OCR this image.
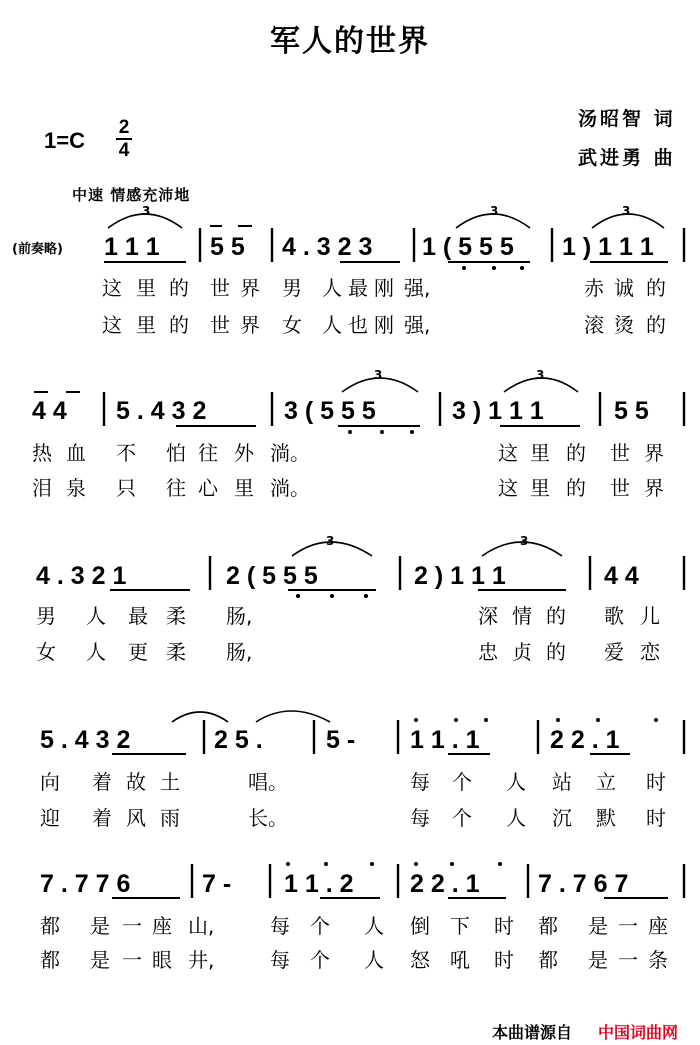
军人的世界
汤昭智 词
武进勇 曲
1=C
2
4
中速 情感充沛地
(前奏略) 1 1 1 5 5 4 . 3 2 3 1 ( 5 5 5 1 ) 1 1 1
3	3	3
这 里 的 世 界 男 人 最 刚 强,	赤 诚 的
这 里 的 世 界 女 人 也 刚 强,	滚 烫 的
4 4 5 . 4 3 2	3 ( 5 5 5	3 ) 1 1 1	5 5
3	3
热 血 不 怕 往 外 淌。	这 里 的 世 界
泪 泉 只 往 心 里 淌。	这 里 的 世 界
4 . 3 2 1	2 ( 5 5 5	2 ) 1 1 1	4 4
3	3
男 人 最 柔 肠,	深 情 的 歌 儿
女 人 更 柔 肠,	忠 贞 的 爱 恋
5 . 4 3 2	2 5 .	5 - 1 1 . 1	2 2 . 1
向 着 故 土	唱。	每 个 人 站 立 时
迎 着 风 雨	长。	每 个 人 沉 默 时
7 . 7 7 6	7 - 1 1 . 2 2 2 . 1 7 . 7 6 7
都 是 一 座 山,	每 个 人 倒 下 时 都 是 一 座
都 是 一 眼 井,	每 个 人 怒 吼 时 都 是 一 条
本曲谱源自 中国词曲网
